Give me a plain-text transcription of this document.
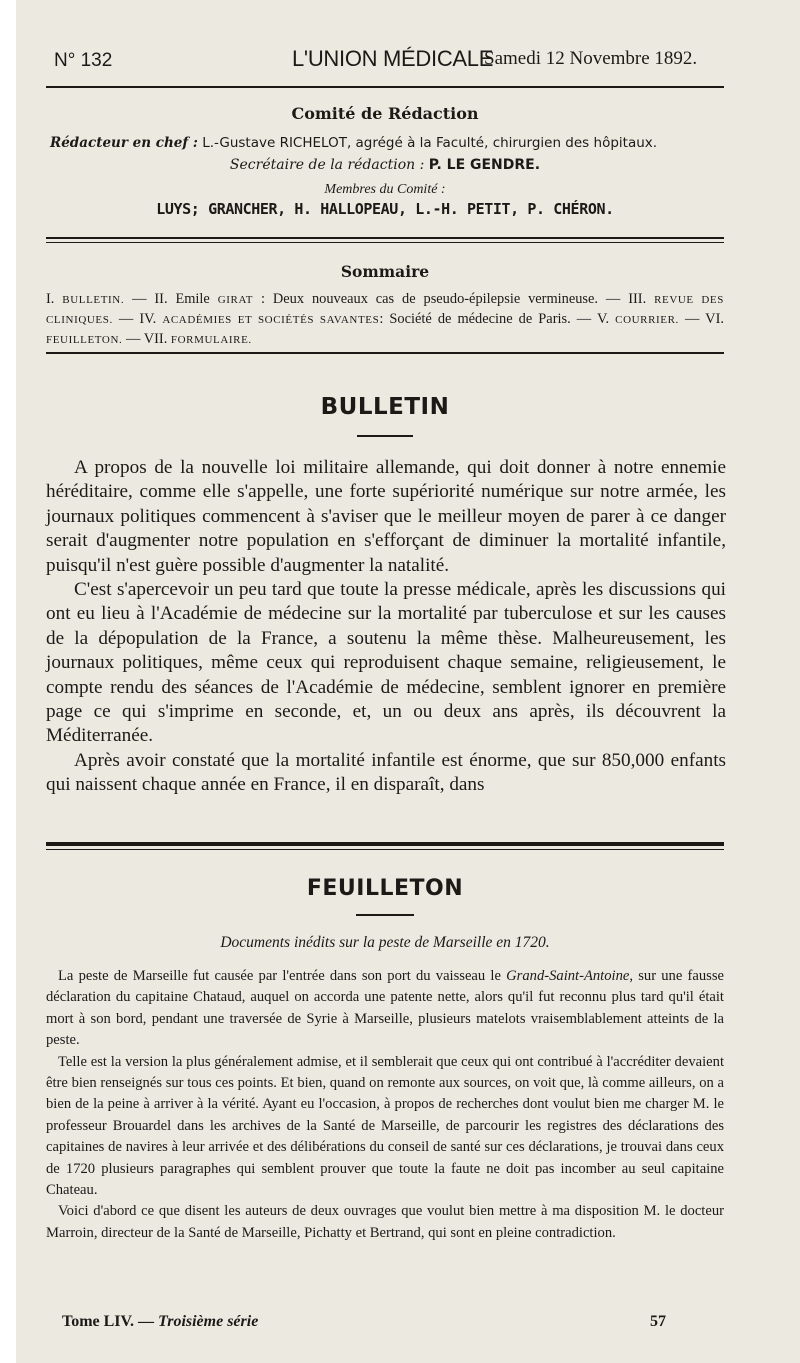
N° 132	L'UNION MÉDICALE
Samedi 12 Novembre 1892.
Comité de Rédaction
Rédacteur en chef : L.-Gustave RICHELOT, agrégé à la Faculté, chirurgien des hôpitaux.
Secrétaire de la rédaction : P. LE GENDRE.
Membres du Comité :
LUYS; GRANCHER, H. HALLOPEAU, L.-H. PETIT, P. CHÉRON.
Sommaire
I. BULLETIN. — II. Emile GIRAT : Deux nouveaux cas de pseudo-épilepsie vermineuse. — III. REVUE DES CLINIQUES. — IV. ACADÉMIES ET SOCIÉTÉS SAVANTES: Société de médecine de Paris. — V. COURRIER. — VI. FEUILLETON. — VII. FORMULAIRE.
BULLETIN

A propos de la nouvelle loi militaire allemande, qui doit donner à notre ennemie héréditaire, comme elle s'appelle, une forte supériorité numérique sur notre armée, les journaux politiques commencent à s'aviser que le meilleur moyen de parer à ce danger serait d'augmenter notre population en s'efforçant de diminuer la mortalité infantile, puisqu'il n'est guère possible d'augmenter la natalité.

C'est s'apercevoir un peu tard que toute la presse médicale, après les discussions qui ont eu lieu à l'Académie de médecine sur la mortalité par tuberculose et sur les causes de la dépopulation de la France, a soutenu la même thèse. Malheureusement, les journaux politiques, même ceux qui reproduisent chaque semaine, religieusement, le compte rendu des séances de l'Académie de médecine, semblent ignorer en première page ce qui s'imprime en seconde, et, un ou deux ans après, ils découvrent la Méditerranée.

Après avoir constaté que la mortalité infantile est énorme, que sur 850,000 enfants qui naissent chaque année en France, il en disparaît, dans

FEUILLETON
Documents inédits sur la peste de Marseille en 1720.

La peste de Marseille fut causée par l'entrée dans son port du vaisseau le Grand-Saint-Antoine, sur une fausse déclaration du capitaine Chataud, auquel on accorda une patente nette, alors qu'il fut reconnu plus tard qu'il était mort à son bord, pendant une traversée de Syrie à Marseille, plusieurs matelots vraisemblablement atteints de la peste.

Telle est la version la plus généralement admise, et il semblerait que ceux qui ont contribué à l'accréditer devaient être bien renseignés sur tous ces points. Et bien, quand on remonte aux sources, on voit que, là comme ailleurs, on a bien de la peine à arriver à la vérité. Ayant eu l'occasion, à propos de recherches dont voulut bien me charger M. le professeur Brouardel dans les archives de la Santé de Marseille, de parcourir les registres des déclarations des capitaines de navires à leur arrivée et des délibérations du conseil de santé sur ces déclarations, je trouvai dans ceux de 1720 plusieurs paragraphes qui semblent prouver que toute la faute ne doit pas incomber au seul capitaine Chateau.

Voici d'abord ce que disent les auteurs de deux ouvrages que voulut bien mettre à ma disposition M. le docteur Marroin, directeur de la Santé de Marseille, Pichatty et Bertrand, qui sont en pleine contradiction.

Tome LIV. — Troisième série	57
